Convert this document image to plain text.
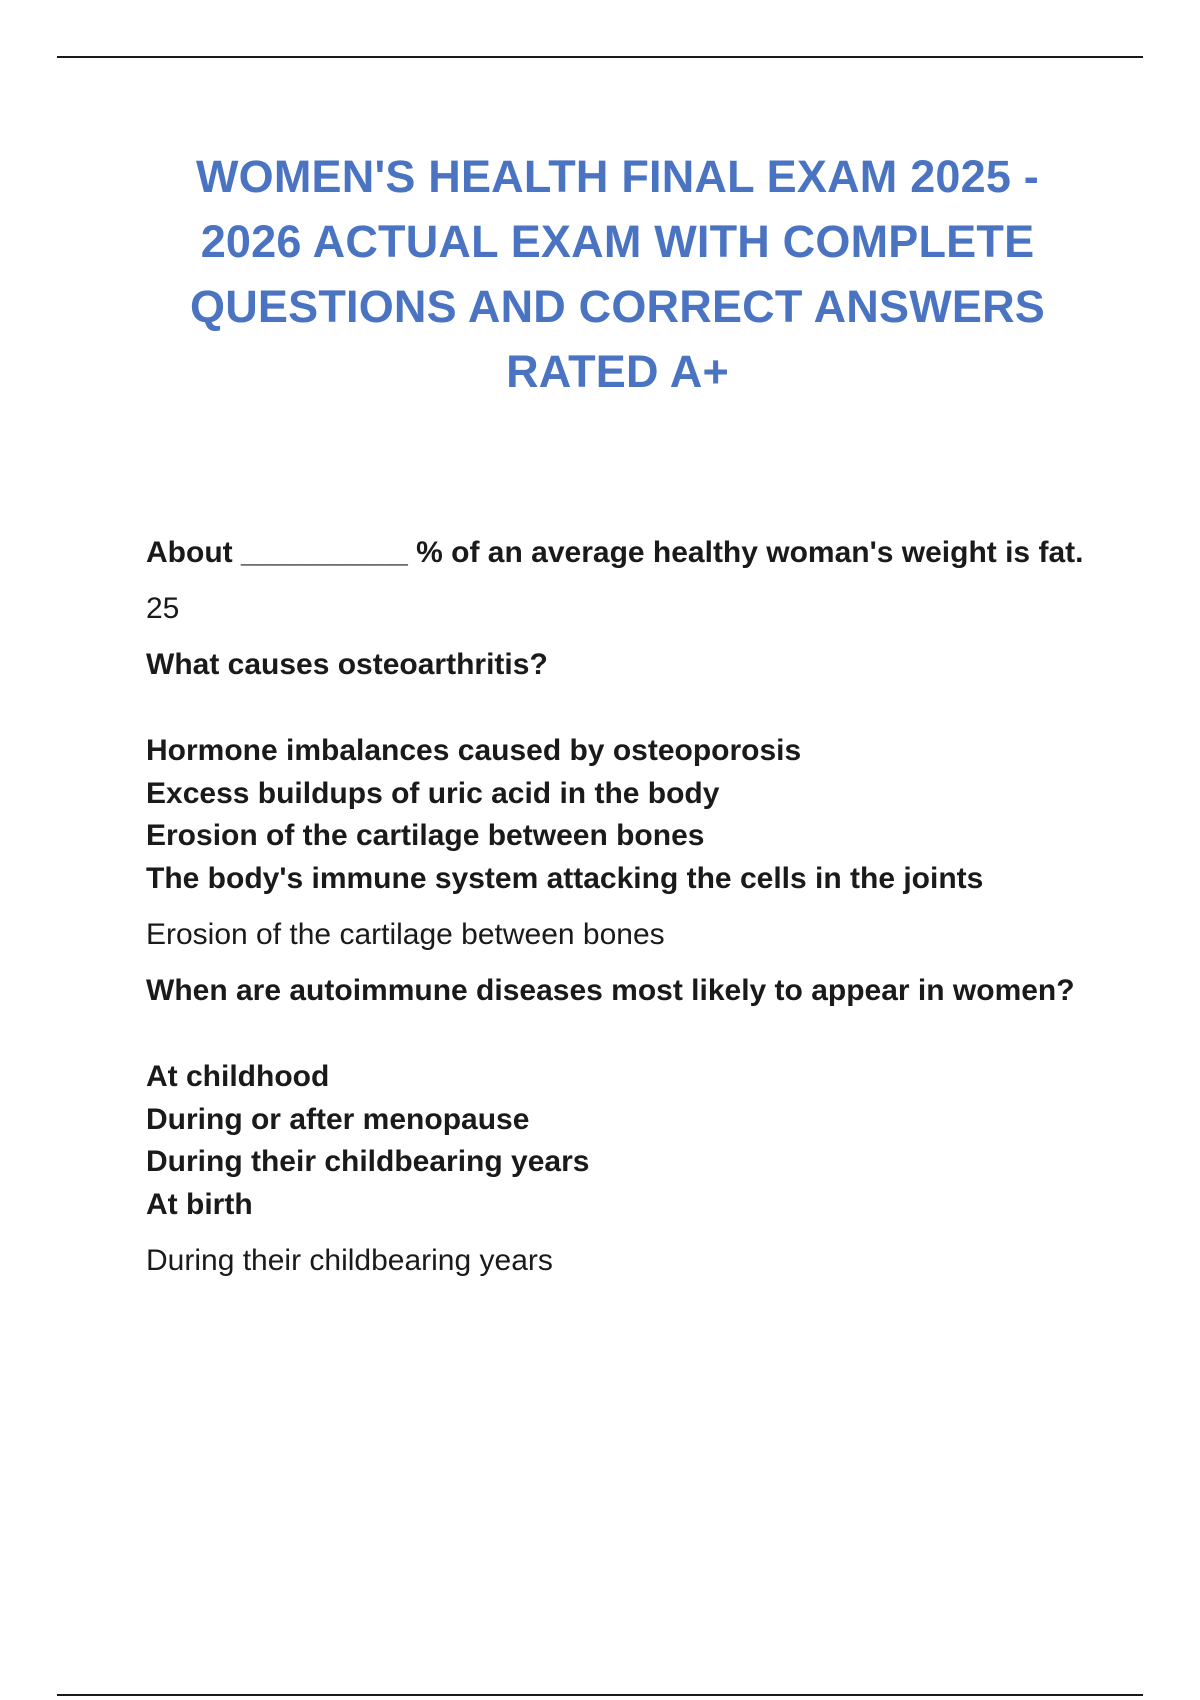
WOMEN'S HEALTH FINAL EXAM 2025 - 2026 ACTUAL EXAM WITH COMPLETE QUESTIONS AND CORRECT ANSWERS RATED A+

About __________ % of an average healthy woman's weight is fat.

25

What causes osteoarthritis?

Hormone imbalances caused by osteoporosis
Excess buildups of uric acid in the body
Erosion of the cartilage between bones
The body's immune system attacking the cells in the joints

Erosion of the cartilage between bones

When are autoimmune diseases most likely to appear in women?

At childhood
During or after menopause
During their childbearing years
At birth

During their childbearing years
